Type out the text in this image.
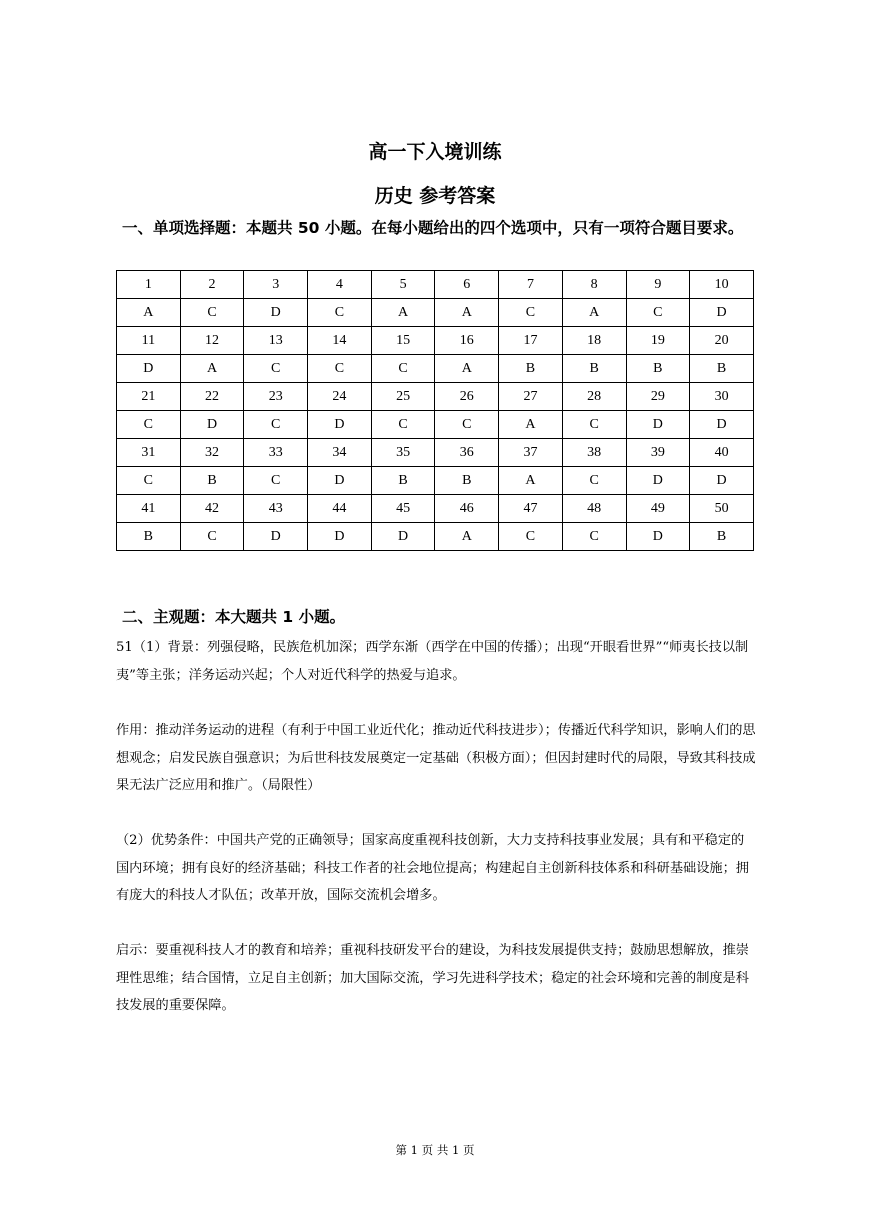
高一下入境训练
历史 参考答案

一、单项选择题：本题共 50 小题。在每小题给出的四个选项中，只有一项符合题目要求。

1	2	3	4	5	6	7	8	9	10
A	C	D	C	A	A	C	A	C	D
11	12	13	14	15	16	17	18	19	20
D	A	C	C	C	A	B	B	B	B
21	22	23	24	25	26	27	28	29	30
C	D	C	D	C	C	A	C	D	D
31	32	33	34	35	36	37	38	39	40
C	B	C	D	B	B	A	C	D	D
41	42	43	44	45	46	47	48	49	50
B	C	D	D	D	A	C	C	D	B

二、主观题：本大题共 1 小题。

51（1）背景：列强侵略，民族危机加深；西学东渐（西学在中国的传播）；出现“开眼看世界”“师夷长技以制夷”等主张；洋务运动兴起；个人对近代科学的热爱与追求。

作用：推动洋务运动的进程（有利于中国工业近代化；推动近代科技进步）；传播近代科学知识，影响人们的思想观念；启发民族自强意识；为后世科技发展奠定一定基础（积极方面）；但因封建时代的局限，导致其科技成果无法广泛应用和推广。（局限性）

（2）优势条件：中国共产党的正确领导；国家高度重视科技创新，大力支持科技事业发展；具有和平稳定的国内环境；拥有良好的经济基础；科技工作者的社会地位提高；构建起自主创新科技体系和科研基础设施；拥有庞大的科技人才队伍；改革开放，国际交流机会增多。

启示：要重视科技人才的教育和培养；重视科技研发平台的建设，为科技发展提供支持；鼓励思想解放，推崇理性思维；结合国情，立足自主创新；加大国际交流，学习先进科学技术；稳定的社会环境和完善的制度是科技发展的重要保障。

第 1 页 共 1 页
